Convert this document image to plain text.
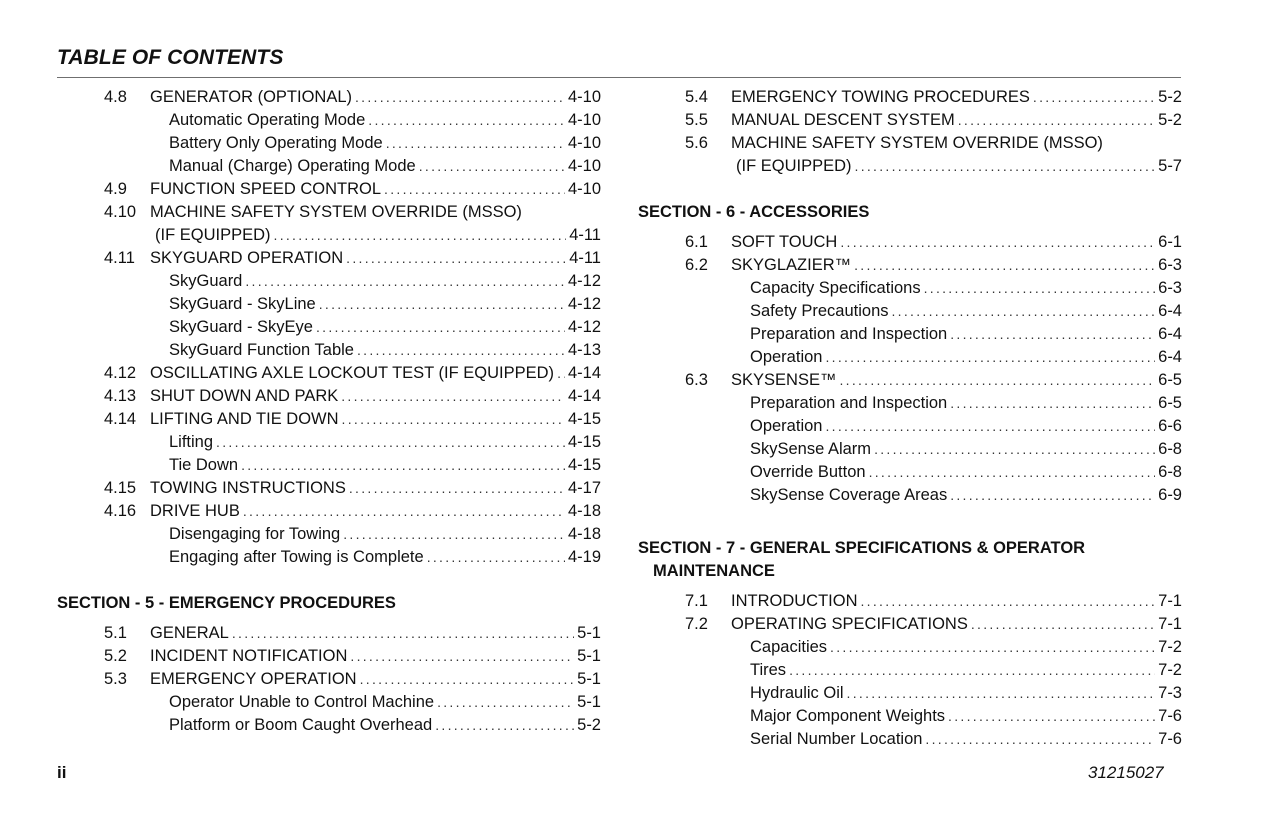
TABLE OF CONTENTS
4.8 GENERATOR (OPTIONAL) . . .	4-10
Automatic Operating Mode . . .	4-10
Battery Only Operating Mode . . .	4-10
Manual (Charge) Operating Mode . . .	4-10
4.9 FUNCTION SPEED CONTROL . . .	4-10
4.10 MACHINE SAFETY SYSTEM OVERRIDE (MSSO)
(IF EQUIPPED) . . .	4-11
4.11 SKYGUARD OPERATION . . .	4-11
SkyGuard . . .	4-12
SkyGuard - SkyLine . . .	4-12
SkyGuard - SkyEye . . .	4-12
SkyGuard Function Table . . .	4-13
4.12 OSCILLATING AXLE LOCKOUT TEST (IF EQUIPPED) . . . 4-14
4.13 SHUT DOWN AND PARK . . .	4-14
4.14 LIFTING AND TIE DOWN . . .	4-15
Lifting . . .	4-15
Tie Down . . .	4-15
4.15 TOWING INSTRUCTIONS . . .	4-17
4.16 DRIVE HUB . . .	4-18
Disengaging for Towing . . .	4-18
Engaging after Towing is Complete . . .	4-19
SECTION - 5 - EMERGENCY PROCEDURES
5.1 GENERAL . . .	5-1
5.2 INCIDENT NOTIFICATION . . .	5-1
5.3 EMERGENCY OPERATION . . .	5-1
Operator Unable to Control Machine . . .	5-1
Platform or Boom Caught Overhead . . .	5-2
5.4 EMERGENCY TOWING PROCEDURES . . .	5-2
5.5 MANUAL DESCENT SYSTEM . . .	5-2
5.6 MACHINE SAFETY SYSTEM OVERRIDE (MSSO)
(IF EQUIPPED) . . .	5-7
SECTION - 6 - ACCESSORIES
6.1 SOFT TOUCH . . .	6-1
6.2 SKYGLAZIER™ . . .	6-3
Capacity Specifications . . .	6-3
Safety Precautions . . .	6-4
Preparation and Inspection . . .	6-4
Operation . . .	6-4
6.3 SKYSENSE™ . . .	6-5
Preparation and Inspection . . .	6-5
Operation . . .	6-6
SkySense Alarm . . .	6-8
Override Button . . .	6-8
SkySense Coverage Areas . . .	6-9
SECTION - 7 - GENERAL SPECIFICATIONS & OPERATOR
MAINTENANCE
7.1 INTRODUCTION . . .	7-1
7.2 OPERATING SPECIFICATIONS . . .	7-1
Capacities . . .	7-2
Tires . . .	7-2
Hydraulic Oil . . .	7-3
Major Component Weights . . .	7-6
Serial Number Location . . .	7-6
ii	31215027
